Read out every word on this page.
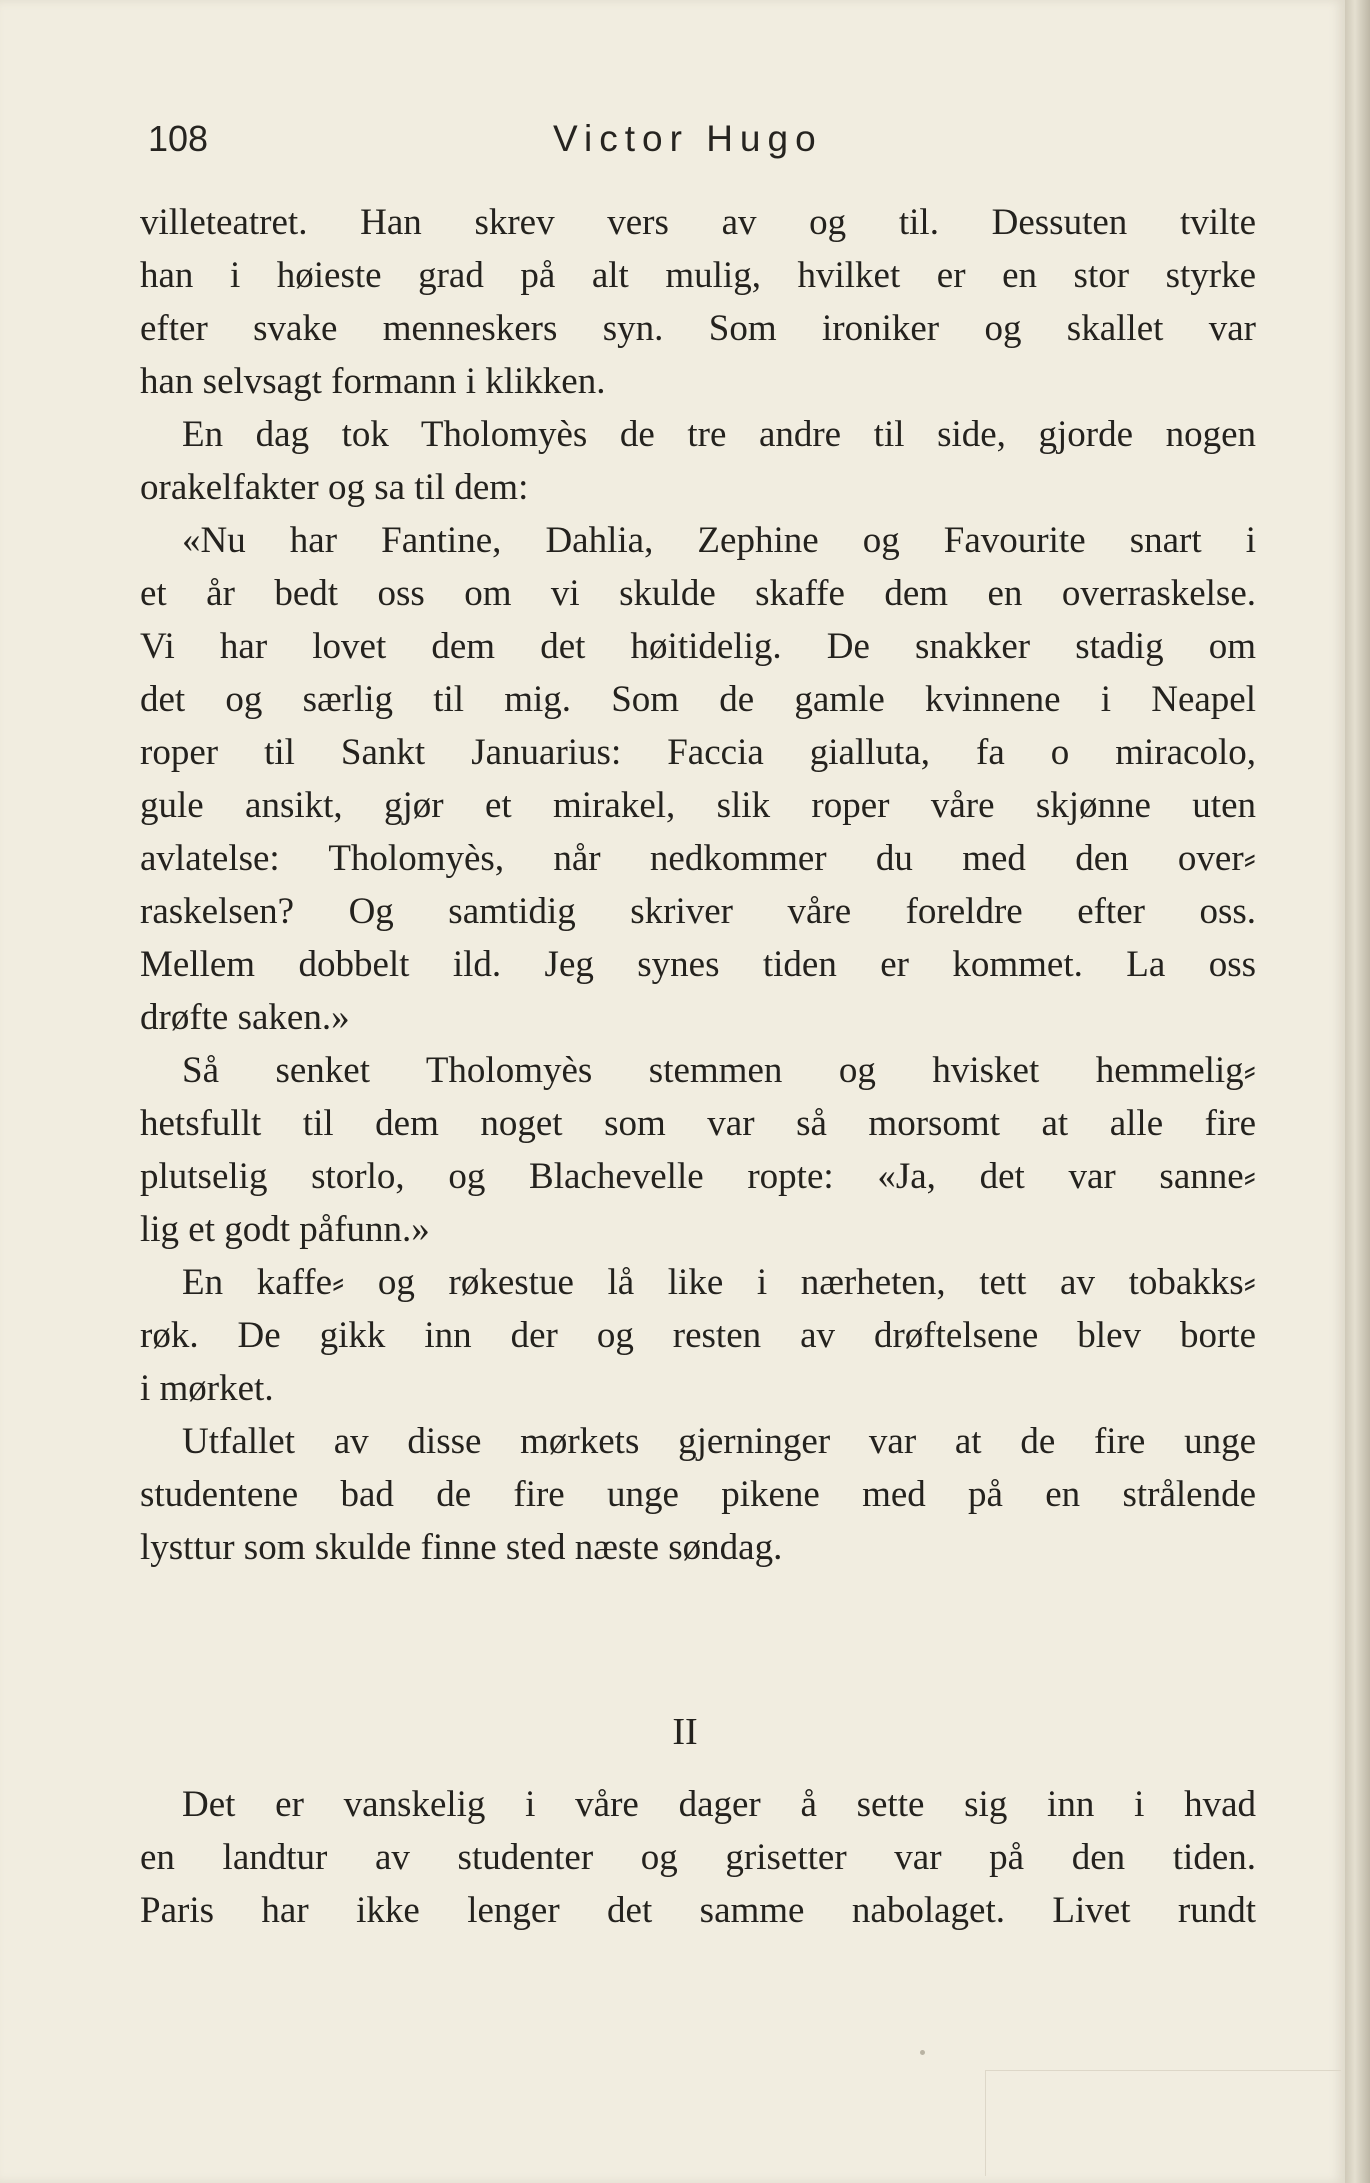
108	Victor Hugo
villeteatret. Han skrev vers av og til. Dessuten tvilte
han i høieste grad på alt mulig, hvilket er en stor styrke
efter svake menneskers syn. Som ironiker og skallet var
han selvsagt formann i klikken.
En dag tok Tholomyès de tre andre til side, gjorde nogen
orakelfakter og sa til dem:
«Nu har Fantine, Dahlia, Zephine og Favourite snart i
et år bedt oss om vi skulde skaffe dem en overraskelse.
Vi har lovet dem det høitidelig. De snakker stadig om
det og særlig til mig. Som de gamle kvinnene i Neapel
roper til Sankt Januarius: Faccia gialluta, fa o miracolo,
gule ansikt, gjør et mirakel, slik roper våre skjønne uten
avlatelse: Tholomyès, når nedkommer du med den over⸗
raskelsen? Og samtidig skriver våre foreldre efter oss.
Mellem dobbelt ild. Jeg synes tiden er kommet. La oss
drøfte saken.»
Så senket Tholomyès stemmen og hvisket hemmelig⸗
hetsfullt til dem noget som var så morsomt at alle fire
plutselig storlo, og Blachevelle ropte: «Ja, det var sanne⸗
lig et godt påfunn.»
En kaffe⸗ og røkestue lå like i nærheten, tett av tobakks⸗
røk. De gikk inn der og resten av drøftelsene blev borte
i mørket.
Utfallet av disse mørkets gjerninger var at de fire unge
studentene bad de fire unge pikene med på en strålende
lysttur som skulde finne sted næste søndag.
II
Det er vanskelig i våre dager å sette sig inn i hvad
en landtur av studenter og grisetter var på den tiden.
Paris har ikke lenger det samme nabolaget. Livet rundt
